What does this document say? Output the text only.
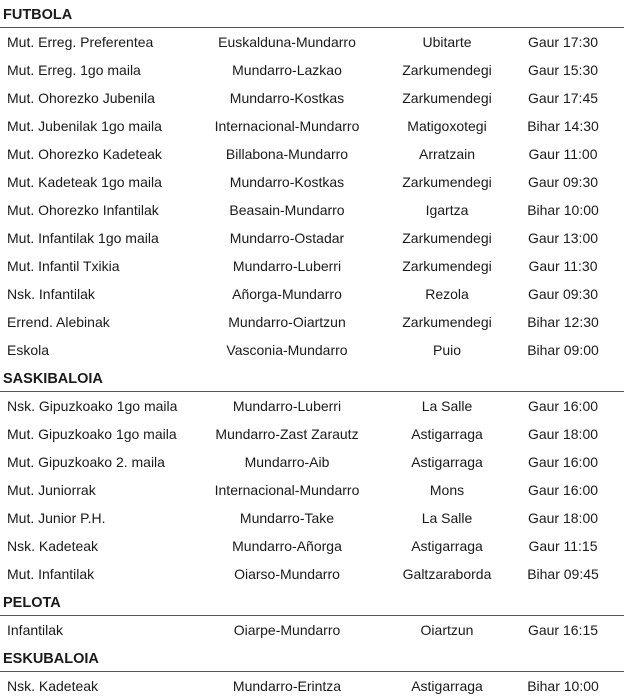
FUTBOLA
Mut. Erreg. Preferentea	Euskalduna-Mundarro	Ubitarte	Gaur 17:30
Mut. Erreg. 1go maila	Mundarro-Lazkao	Zarkumendegi	Gaur 15:30
Mut. Ohorezko Jubenila	Mundarro-Kostkas	Zarkumendegi	Gaur 17:45
Mut. Jubenilak 1go maila	Internacional-Mundarro	Matigoxotegi	Bihar 14:30
Mut. Ohorezko Kadeteak	Billabona-Mundarro	Arratzain	Gaur 11:00
Mut. Kadeteak 1go maila	Mundarro-Kostkas	Zarkumendegi	Gaur 09:30
Mut. Ohorezko Infantilak	Beasain-Mundarro	Igartza	Bihar 10:00
Mut. Infantilak 1go maila	Mundarro-Ostadar	Zarkumendegi	Gaur 13:00
Mut. Infantil Txikia	Mundarro-Luberri	Zarkumendegi	Gaur 11:30
Nsk. Infantilak	Añorga-Mundarro	Rezola	Gaur 09:30
Errend. Alebinak	Mundarro-Oiartzun	Zarkumendegi	Bihar 12:30
Eskola	Vasconia-Mundarro	Puio	Bihar 09:00
SASKIBALOIA
Nsk. Gipuzkoako 1go maila	Mundarro-Luberri	La Salle	Gaur 16:00
Mut. Gipuzkoako 1go maila	Mundarro-Zast Zarautz	Astigarraga	Gaur 18:00
Mut. Gipuzkoako 2. maila	Mundarro-Aib	Astigarraga	Gaur 16:00
Mut. Juniorrak	Internacional-Mundarro	Mons	Gaur 16:00
Mut. Junior P.H.	Mundarro-Take	La Salle	Gaur 18:00
Nsk. Kadeteak	Mundarro-Añorga	Astigarraga	Gaur 11:15
Mut. Infantilak	Oiarso-Mundarro	Galtzaraborda	Bihar 09:45
PELOTA
Infantilak	Oiarpe-Mundarro	Oiartzun	Gaur 16:15
ESKUBALOIA
Nsk. Kadeteak	Mundarro-Erintza	Astigarraga	Bihar 10:00
